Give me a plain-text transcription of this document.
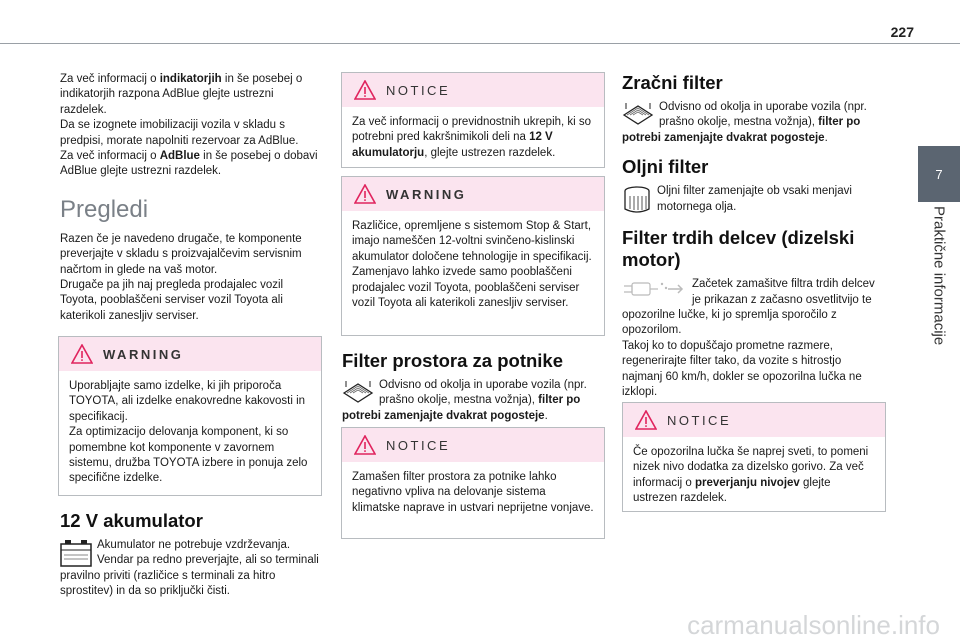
227
7
Praktične informacije

Za več informacij o indikatorjih in še posebej o indikatorjih razpona AdBlue glejte ustrezni razdelek.

Da se izognete imobilizaciji vozila v skladu s predpisi, morate napolniti rezervoar za AdBlue.

Za več informacij o AdBlue in še posebej o dobavi AdBlue glejte ustrezni razdelek.

Pregledi

Razen če je navedeno drugače, te komponente preverjajte v skladu s proizvajalčevim servisnim načrtom in glede na vaš motor.

Drugače pa jih naj pregleda prodajalec vozil Toyota, pooblaščeni serviser vozil Toyota ali katerikoli zanesljiv serviser.

WARNING

Uporabljajte samo izdelke, ki jih priporoča TOYOTA, ali izdelke enakovredne kakovosti in specifikacij.

Za optimizacijo delovanja komponent, ki so pomembne kot komponente v zavornem sistemu, družba TOYOTA izbere in ponuja zelo specifične izdelke.

12 V akumulator

Akumulator ne potrebuje vzdrževanja. Vendar pa redno preverjajte, ali so terminali pravilno priviti (različice s terminali za hitro sprostitev) in da so priključki čisti.

NOTICE

Za več informacij o previdnostnih ukrepih, ki so potrebni pred kakršnimikoli deli na 12 V akumulatorju, glejte ustrezen razdelek.

WARNING

Različice, opremljene s sistemom Stop & Start, imajo nameščen 12-voltni svinčeno-kislinski akumulator določene tehnologije in specifikacij.

Zamenjavo lahko izvede samo pooblaščeni prodajalec vozil Toyota, pooblaščeni serviser vozil Toyota ali katerikoli zanesljiv serviser.

Filter prostora za potnike

Odvisno od okolja in uporabe vozila (npr. prašno okolje, mestna vožnja), filter po potrebi zamenjajte dvakrat pogosteje.

NOTICE

Zamašen filter prostora za potnike lahko negativno vpliva na delovanje sistema klimatske naprave in ustvari neprijetne vonjave.

Zračni filter

Odvisno od okolja in uporabe vozila (npr. prašno okolje, mestna vožnja), filter po potrebi zamenjajte dvakrat pogosteje.

Oljni filter

Oljni filter zamenjajte ob vsaki menjavi motornega olja.

Filter trdih delcev (dizelski motor)

Začetek zamašitve filtra trdih delcev je prikazan z začasno osvetlitvijo te opozorilne lučke, ki jo spremlja sporočilo z opozorilom.

Takoj ko to dopuščajo prometne razmere, regenerirajte filter tako, da vozite s hitrostjo najmanj 60 km/h, dokler se opozorilna lučka ne izklopi.

NOTICE

Če opozorilna lučka še naprej sveti, to pomeni nizek nivo dodatka za dizelsko gorivo. Za več informacij o preverjanju nivojev glejte ustrezen razdelek.

carmanualsonline.info
